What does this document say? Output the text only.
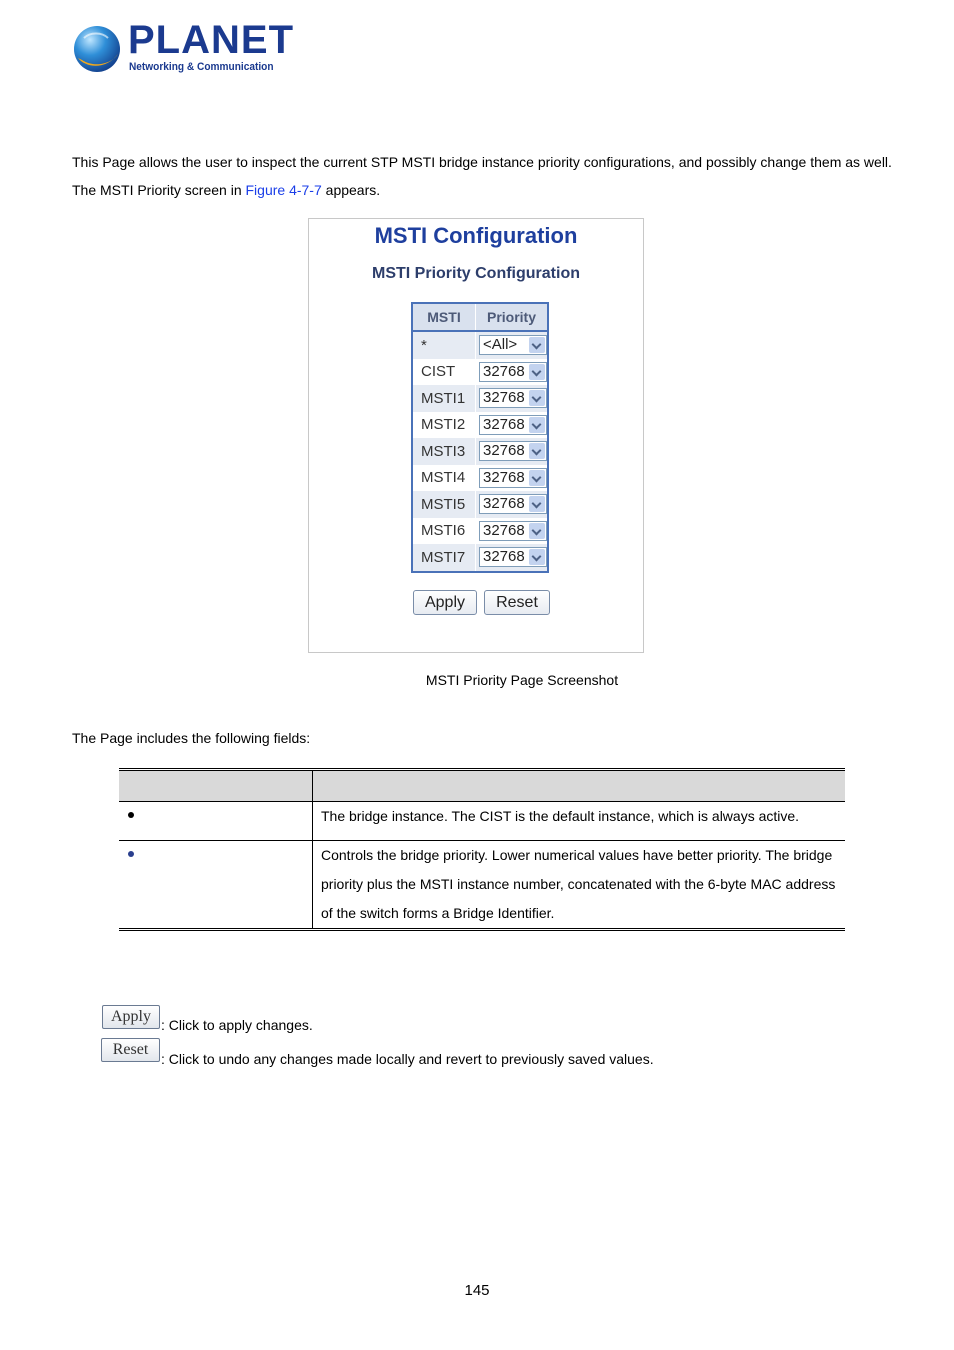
PLANET
Networking & Communication
This Page allows the user to inspect the current STP MSTI bridge instance priority configurations, and possibly change them as well. The MSTI Priority screen in Figure 4-7-7 appears.
MSTI Configuration
MSTI Priority Configuration
MSTI	Priority
*	<All>

CIST	32768

MSTI1	32768

MSTI2	32768

MSTI3	32768

MSTI4	32768

MSTI5	32768

MSTI6	32768

MSTI7	32768
Apply	Reset
MSTI Priority Page Screenshot
The Page includes the following fields:

	The bridge instance. The CIST is the default instance, which is always active.

	Controls the bridge priority. Lower numerical values have better priority. The bridge priority plus the MSTI instance number, concatenated with the 6-byte MAC address of the switch forms a Bridge Identifier.
Apply : Click to apply changes.
Reset
: Click to undo any changes made locally and revert to previously saved values.
145
